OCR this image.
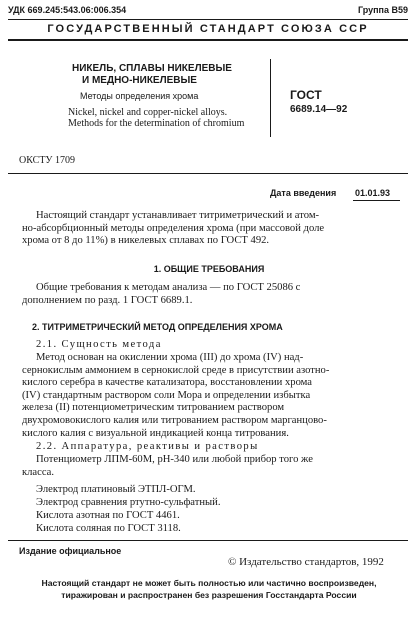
УДК 669.245:543.06:006.354	Группа В59
ГОСУДАРСТВЕННЫЙ СТАНДАРТ СОЮЗА ССР
НИКЕЛЬ, СПЛАВЫ НИКЕЛЕВЫЕ
И МЕДНО-НИКЕЛЕВЫЕ
Методы определения хрома
Nickel, nickel and copper-nickel alloys.
Methods for the determination of chromium
ГОСТ
6689.14—92
ОКСТУ 1709
Дата введения 01.01.93

Настоящий стандарт устанавливает титриметрический и атом-

но-абсорбционный методы определения хрома (при массовой доле

хрома от 8 до 11%) в никелевых сплавах по ГОСТ 492.

1. ОБЩИЕ ТРЕБОВАНИЯ

Общие требования к методам анализа — по ГОСТ 25086 с

дополнением по разд. 1 ГОСТ 6689.1.

2. ТИТРИМЕТРИЧЕСКИЙ МЕТОД ОПРЕДЕЛЕНИЯ ХРОМА
2.1. Сущность метода

Метод основан на окислении хрома (III) до хрома (IV) над-

сернокислым аммонием в сернокислой среде в присутствии азотно-

кислого серебра в качестве катализатора, восстановлении хрома

(IV) стандартным раствором соли Мора и определении избытка

железа (II) потенциометрическим титрованием раствором

двухромовокислого калия или титрованием раствором марганцово-

кислого калия с визуальной индикацией конца титрования.

2.2. Аппаратура, реактивы и растворы

Потенциометр ЛПМ-60М, рН-340 или любой прибор того же

класса.

Электрод платиновый ЭТПЛ-ОГМ.
Электрод сравнения ртутно-сульфатный.
Кислота азотная по ГОСТ 4461.
Кислота соляная по ГОСТ 3118.
Издание официальное
© Издательство стандартов, 1992
Настоящий стандарт не может быть полностью или частично воспроизведен,
тиражирован и распространен без разрешения Госстандарта России
